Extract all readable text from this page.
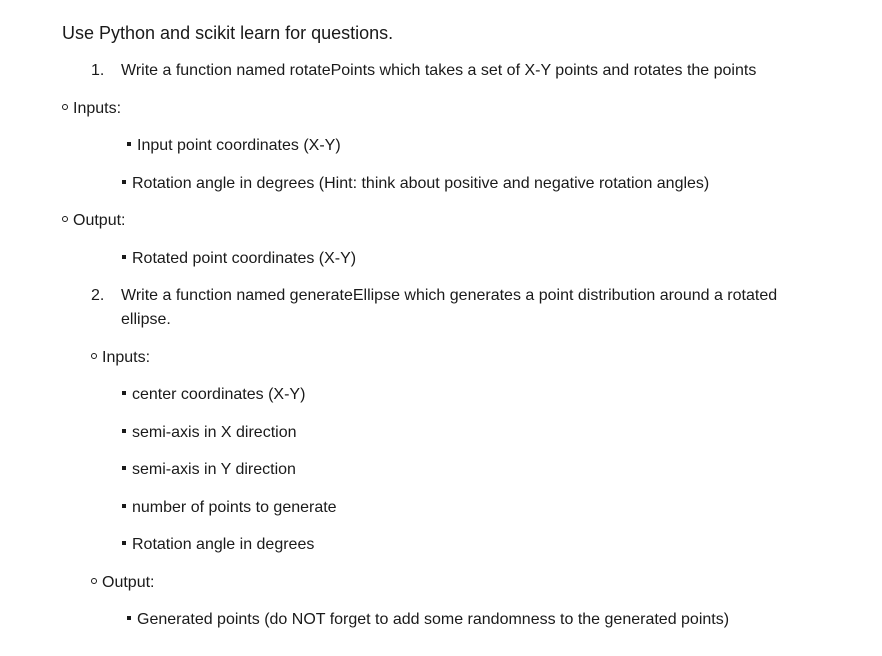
Use Python and scikit learn for questions.
1. Write a function named rotatePoints which takes a set of X-Y points and rotates the points
Inputs:
Input point coordinates (X-Y)
Rotation angle in degrees (Hint: think about positive and negative rotation angles)
Output:
Rotated point coordinates (X-Y)
2. Write a function named generateEllipse which generates a point distribution around a rotated
ellipse.
Inputs:
center coordinates (X-Y)
semi-axis in X direction
semi-axis in Y direction
number of points to generate
Rotation angle in degrees
Output:
Generated points (do NOT forget to add some randomness to the generated points)
